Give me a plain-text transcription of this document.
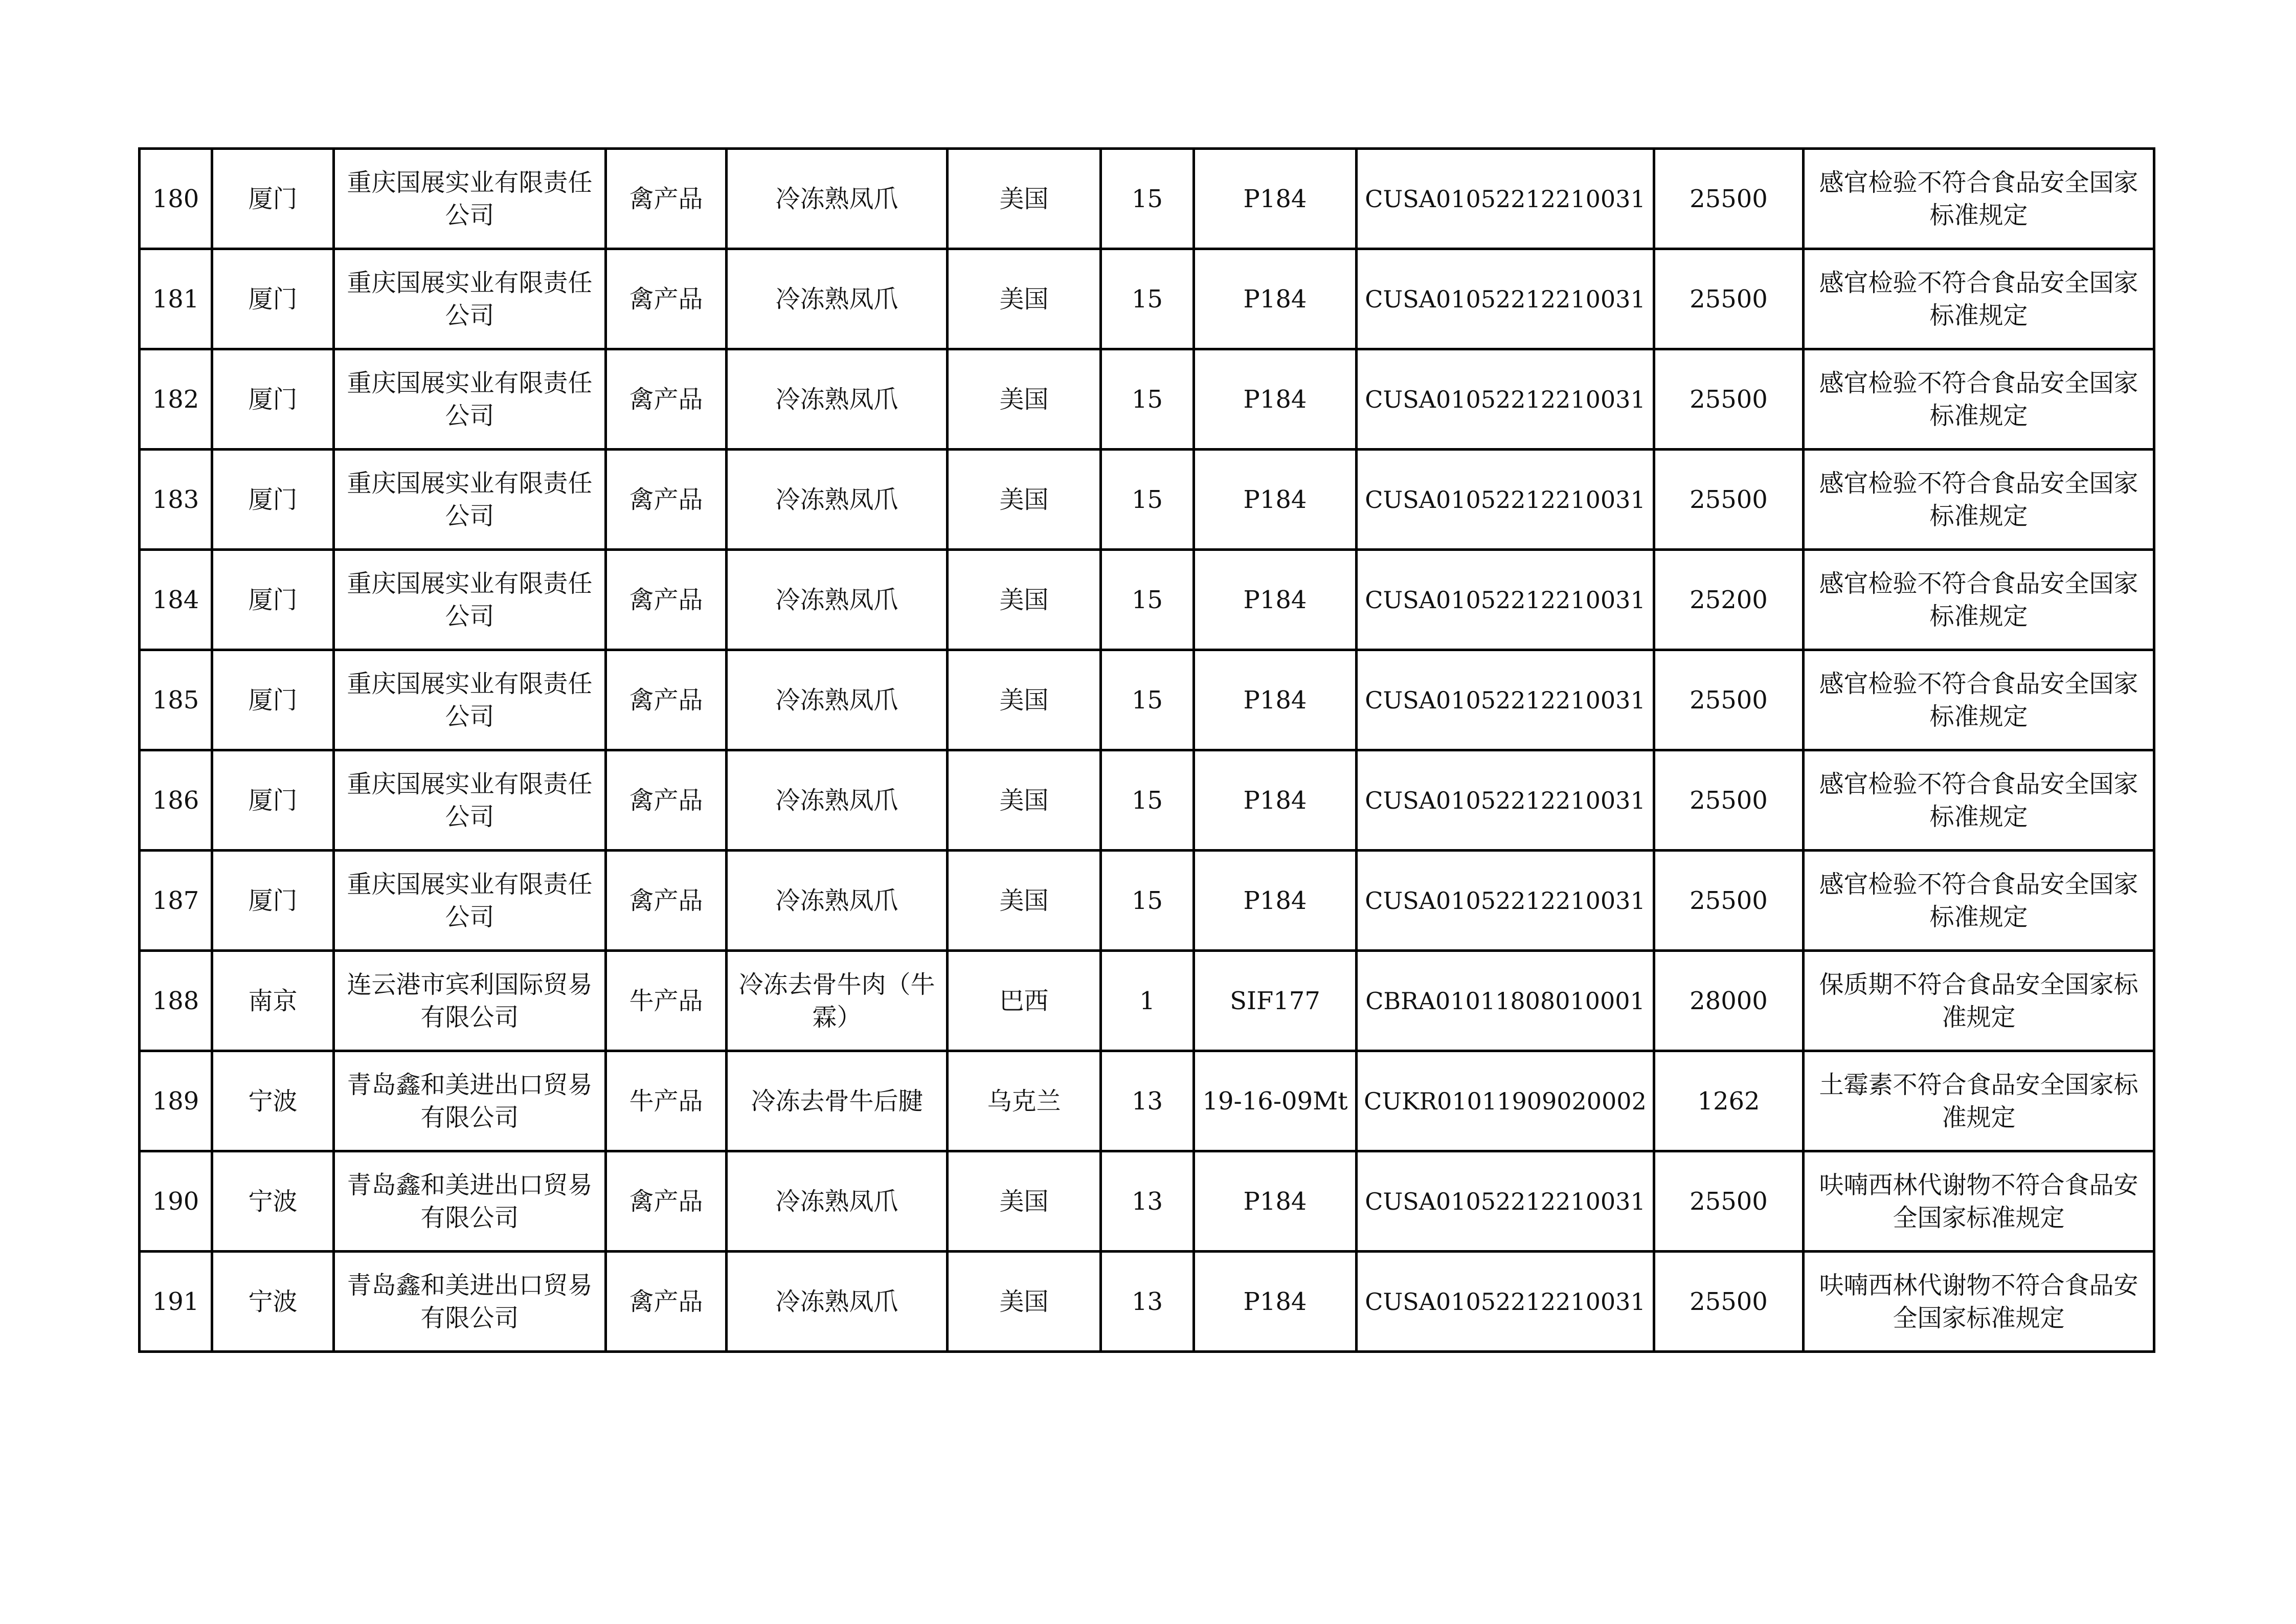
180	厦门	重庆国展实业有限责任公司	禽产品	冷冻熟凤爪	美国	15	P184	CUSA01052212210031	25500	感官检验不符合食品安全国家标准规定
181	厦门	重庆国展实业有限责任公司	禽产品	冷冻熟凤爪	美国	15	P184	CUSA01052212210031	25500	感官检验不符合食品安全国家标准规定
182	厦门	重庆国展实业有限责任公司	禽产品	冷冻熟凤爪	美国	15	P184	CUSA01052212210031	25500	感官检验不符合食品安全国家标准规定
183	厦门	重庆国展实业有限责任公司	禽产品	冷冻熟凤爪	美国	15	P184	CUSA01052212210031	25500	感官检验不符合食品安全国家标准规定
184	厦门	重庆国展实业有限责任公司	禽产品	冷冻熟凤爪	美国	15	P184	CUSA01052212210031	25200	感官检验不符合食品安全国家标准规定
185	厦门	重庆国展实业有限责任公司	禽产品	冷冻熟凤爪	美国	15	P184	CUSA01052212210031	25500	感官检验不符合食品安全国家标准规定
186	厦门	重庆国展实业有限责任公司	禽产品	冷冻熟凤爪	美国	15	P184	CUSA01052212210031	25500	感官检验不符合食品安全国家标准规定
187	厦门	重庆国展实业有限责任公司	禽产品	冷冻熟凤爪	美国	15	P184	CUSA01052212210031	25500	感官检验不符合食品安全国家标准规定
188	南京	连云港市宾利国际贸易有限公司	牛产品	冷冻去骨牛肉（牛霖）	巴西	1	SIF177	CBRA01011808010001	28000	保质期不符合食品安全国家标准规定
189	宁波	青岛鑫和美进出口贸易有限公司	牛产品	冷冻去骨牛后腱	乌克兰	13	19-16-09Mt	CUKR01011909020002	1262	土霉素不符合食品安全国家标准规定
190	宁波	青岛鑫和美进出口贸易有限公司	禽产品	冷冻熟凤爪	美国	13	P184	CUSA01052212210031	25500	呋喃西林代谢物不符合食品安全国家标准规定
191	宁波	青岛鑫和美进出口贸易有限公司	禽产品	冷冻熟凤爪	美国	13	P184	CUSA01052212210031	25500	呋喃西林代谢物不符合食品安全国家标准规定
